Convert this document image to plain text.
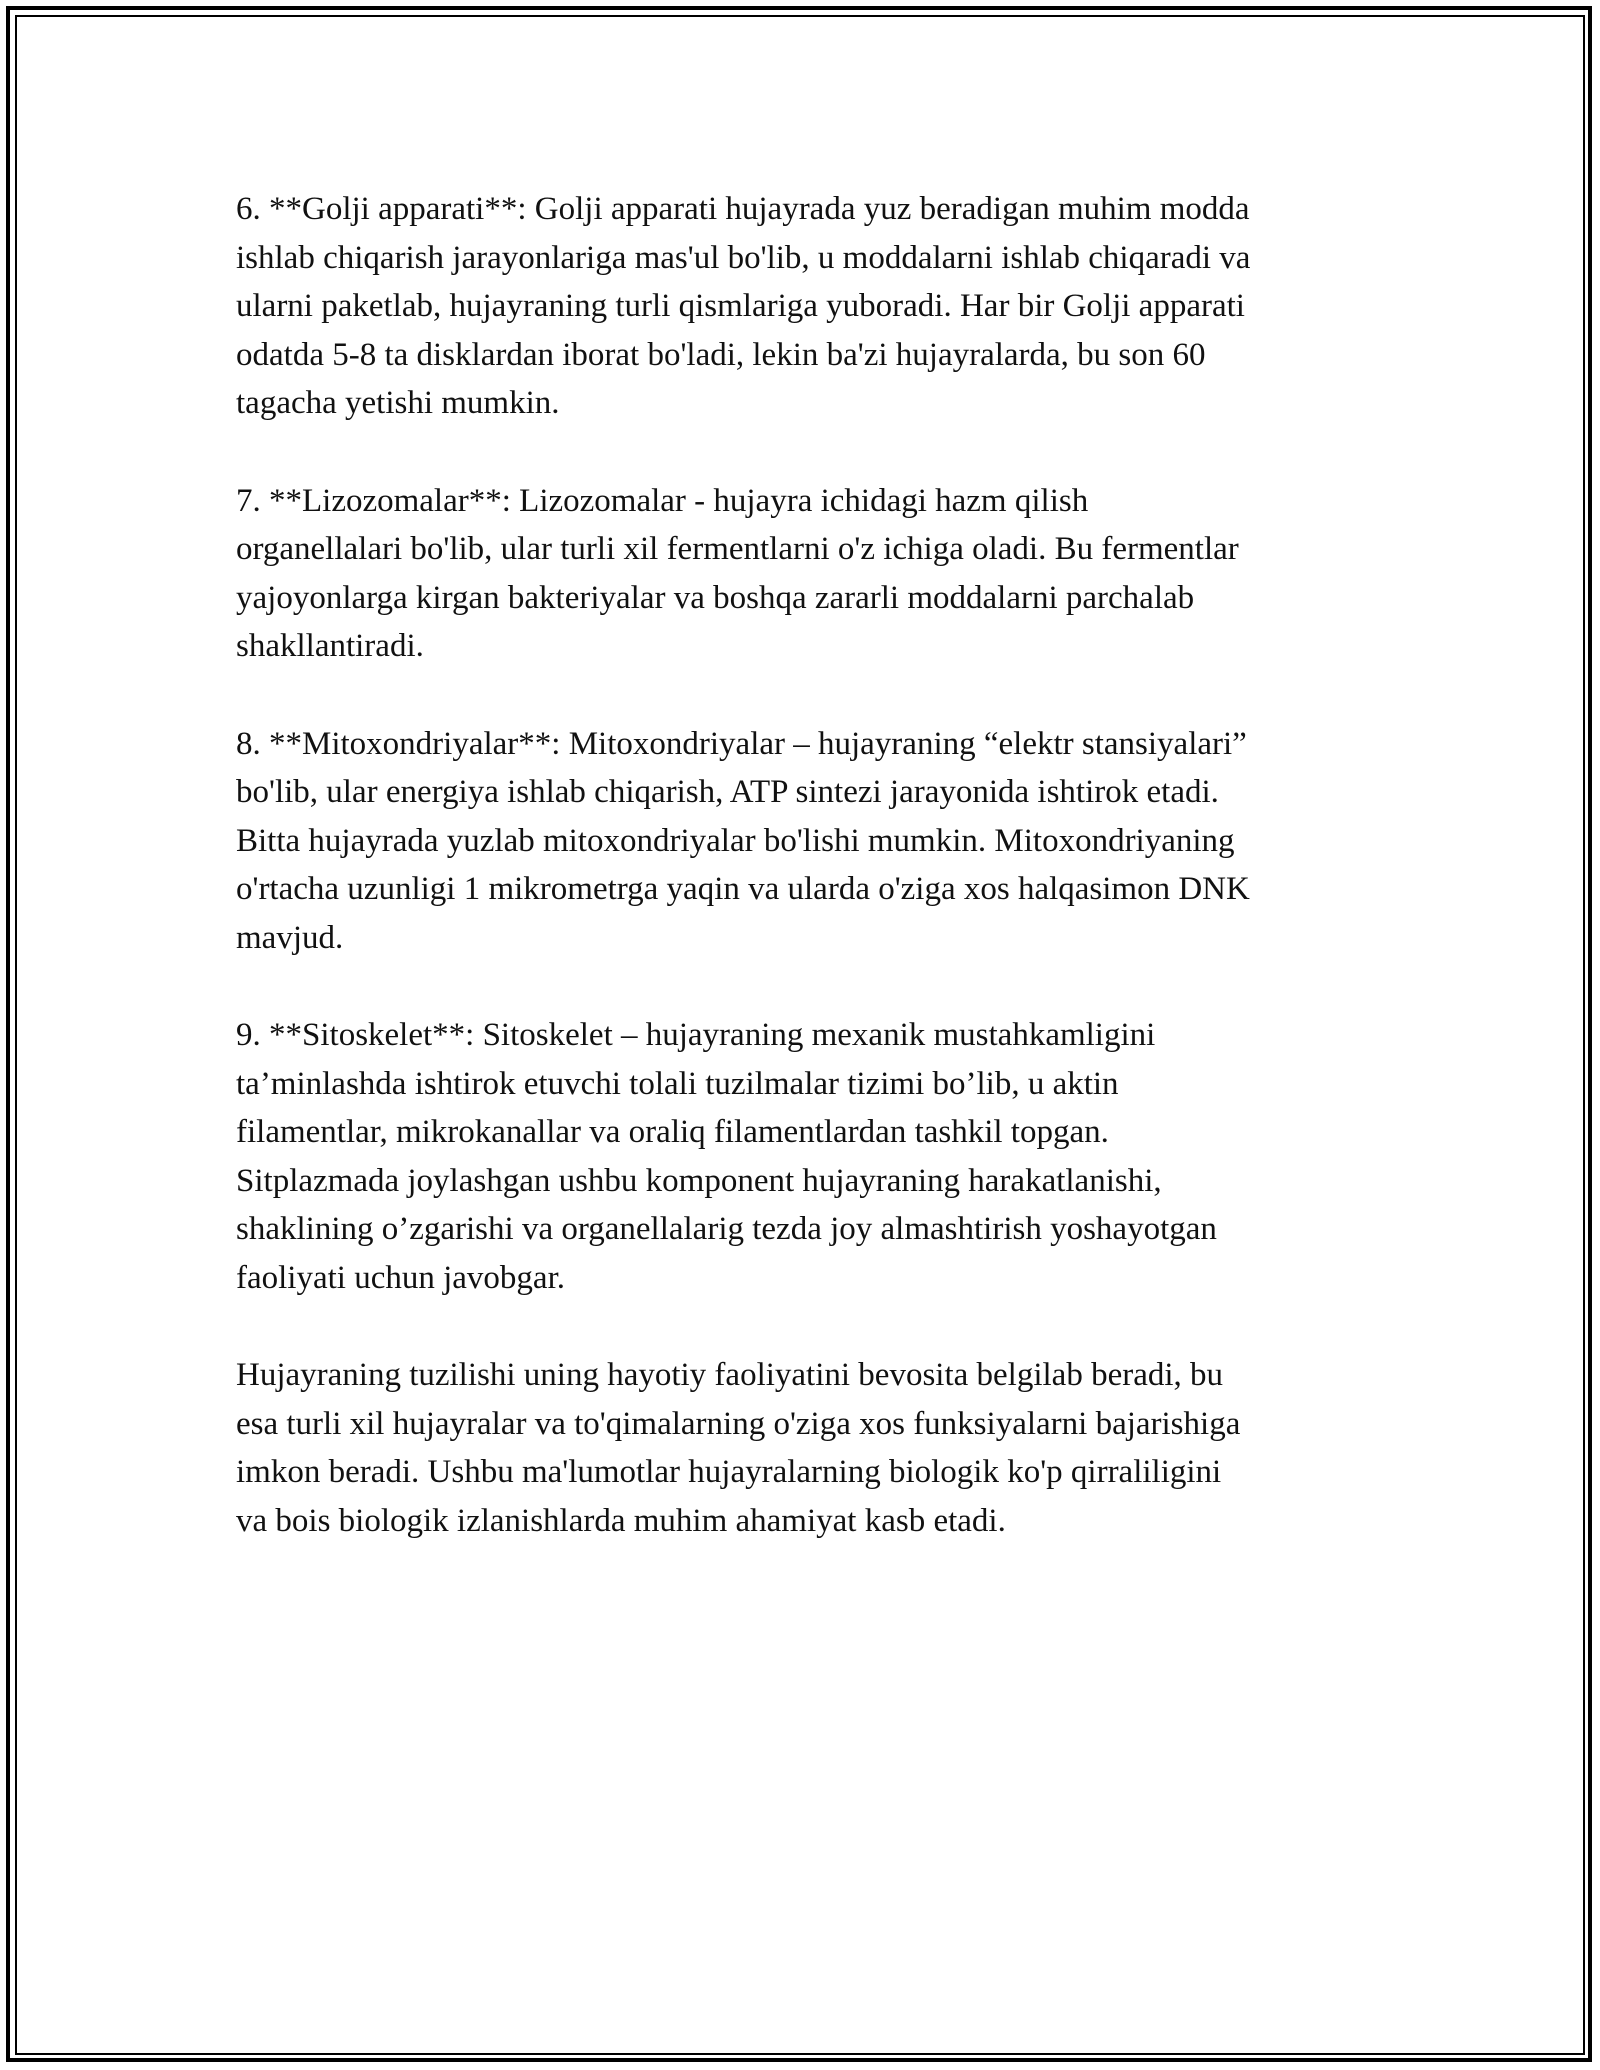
6. **Golji apparati**: Golji apparati hujayrada yuz beradigan muhim modda
ishlab chiqarish jarayonlariga mas'ul bo'lib, u moddalarni ishlab chiqaradi va
ularni paketlab, hujayraning turli qismlariga yuboradi. Har bir Golji apparati
odatda 5-8 ta disklardan iborat bo'ladi, lekin ba'zi hujayralarda, bu son 60
tagacha yetishi mumkin.

7. **Lizozomalar**: Lizozomalar - hujayra ichidagi hazm qilish
organellalari bo'lib, ular turli xil fermentlarni o'z ichiga oladi. Bu fermentlar
yajoyonlarga kirgan bakteriyalar va boshqa zararli moddalarni parchalab
shakllantiradi.

8. **Mitoxondriyalar**: Mitoxondriyalar – hujayraning “elektr stansiyalari”
bo'lib, ular energiya ishlab chiqarish, ATP sintezi jarayonida ishtirok etadi.
Bitta hujayrada yuzlab mitoxondriyalar bo'lishi mumkin. Mitoxondriyaning
o'rtacha uzunligi 1 mikrometrga yaqin va ularda o'ziga xos halqasimon DNK
mavjud.

9. **Sitoskelet**: Sitoskelet – hujayraning mexanik mustahkamligini
ta’minlashda ishtirok etuvchi tolali tuzilmalar tizimi bo’lib, u aktin
filamentlar, mikrokanallar va oraliq filamentlardan tashkil topgan.
Sitplazmada joylashgan ushbu komponent hujayraning harakatlanishi,
shaklining o’zgarishi va organellalarig tezda joy almashtirish yoshayotgan
faoliyati uchun javobgar.

Hujayraning tuzilishi uning hayotiy faoliyatini bevosita belgilab beradi, bu
esa turli xil hujayralar va to'qimalarning o'ziga xos funksiyalarni bajarishiga
imkon beradi. Ushbu ma'lumotlar hujayralarning biologik ko'p qirraliligini
va bois biologik izlanishlarda muhim ahamiyat kasb etadi.
